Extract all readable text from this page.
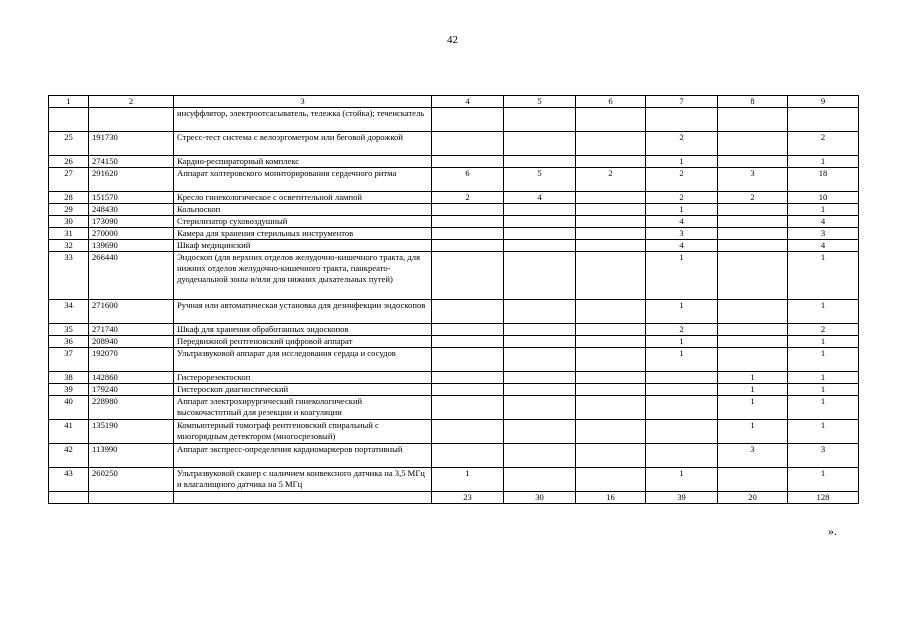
42
1	2	3	4	5	6	7	8	9
		инсуффлятор, электроотсасыватель, тележка (стойка); течеискатель						
25	191730	Стресс-тест система с велоэргометром или беговой дорожкой				2		2
26	274150	Кардио-респираторный комплекс				1		1
27	291620	Аппарат холтеровского мониторирования сердечного ритма	6	5	2	2	3	18
28	151570	Кресло гинекологическое с осветительной лампой	2	4		2	2	10
29	248430	Кольпоскоп				1		1
30	173090	Стерилизатор суховоздушный				4		4
31	270000	Камера для хранения стерильных инструментов				3		3
32	139690	Шкаф медицинский				4		4
33	266440	Эндоскоп (для верхних отделов желудочно-кишечного тракта, для нижних отделов желудочно-кишечного тракта, панкреато-дуоденальной зоны и/или для нижних дыхательных путей)				1		1
34	271600	Ручная или автоматическая установка для дезинфекции эндоскопов				1		1
35	271740	Шкаф для хранения обработанных эндоскопов				2		2
36	208940	Передвижной рентгеновский цифровой аппарат				1		1
37	192070	Ультразвуковой аппарат для исследования сердца и сосудов				1		1
38	142860	Гистерорезектоскоп					1	1
39	179240	Гистероскоп диагностический					1	1
40	228980	Аппарат электрохирургический гинекологический высокочастотный для резекции и коагуляции					1	1
41	135190	Компьютерный томограф рентгеновский спиральный с многорядным детектором (многосрезовый)					1	1
42	113990	Аппарат экспресс-определения кардиомаркеров портативный					3	3
43	260250	Ультразвуковой сканер с наличием конвексного датчика на 3,5 МГц и влагалищного датчика на 5 МГц	1			1		1
			23	30	16	39	20	128
».
